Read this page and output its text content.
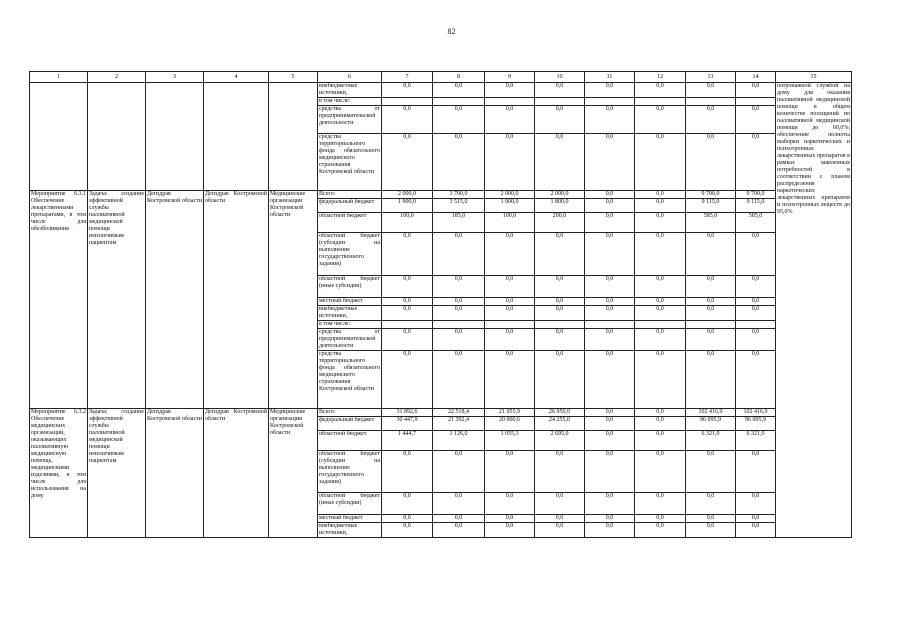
82
1	2	3	4	5	6	7	8	9	10	11	12	13	14	15
					внебюджетные источники,	0,0	0,0	0,0	0,0	0,0	0,0	0,0	0,0	патронажной службой на дому для оказания паллиативной медицинской помощи в общем количестве посещений по паллиативной медицинской помощи до 60,0%; обеспечение полноты выборки наркотических и психотропных лекарственных препаратов в рамках заявленных потребностей в соответствии с планом распределения наркотических лекарственных препаратов и психотропных веществ до 95,0%
					в том числе:									
					средства от предпринимательской деятельности	0,0	0,0	0,0	0,0	0,0	0,0	0,0	0,0	
					средства территориального фонда обязательного медицинского страхования Костромской области	0,0	0,0	0,0	0,0	0,0	0,0	0,0	0,0	
Мероприятие 6.3.1 Обеспечение лекарственными препаратами, в том числе для обезболивания	Задача: создание эффективной службы паллиативной медицинской помощи неизлечимым пациентам	Депздрав Костромской области	Депздрав Костромской области	Медицинские организации Костромской области	Всего:	2 000,0	3 700,0	2 000,0	2 000,0	0,0	0,0	9 700,0	9 700,0	
					федеральный бюджет	1 900,0	3 515,0	1 900,0	1 800,0	0,0	0,0	9 115,0	9 115,0	
					областной бюджет	100,0	185,0	100,0	200,0	0,0	0,0	585,0	585,0	
					областной бюджет (субсидии на выполнение государственного задания)	0,0	0,0	0,0	0,0	0,0	0,0	0,0	0,0	
					областной бюджет (иные субсидии)	0,0	0,0	0,0	0,0	0,0	0,0	0,0	0,0	
					местный бюджет	0,0	0,0	0,0	0,0	0,0	0,0	0,0	0,0	
					внебюджетные источники,	0,0	0,0	0,0	0,0	0,0	0,0	0,0	0,0	
					в том числе:									
					средства от предпринимательской деятельности	0,0	0,0	0,0	0,0	0,0	0,0	0,0	0,0	
					средства территориального фонда обязательного медицинского страхования Костромской области	0,0	0,0	0,0	0,0	0,0	0,0	0,0	0,0	
Мероприятие 6.3.2 Обеспечение медицинских организаций, оказывающих паллиативную медицинскую помощь, медицинскими изделиями, в том числе для использования на дому	Задача: создание эффективной службы паллиативной медицинской помощи неизлечимым пациентам	Депздрав Костромской области	Депздрав Костромской области	Медицинские организации Костромской области	Всего:	31 892,6	22 518,4	21 055,9	26 950,0	0,0	0,0	102 416,9	102 416,9	
					федеральный бюджет	30 447,9	21 392,4	20 000,6	24 255,0	0,0	0,0	96 095,9	96 095,9	
					областной бюджет	1 444,7	1 126,0	1 055,3	2 695,0	0,0	0,0	6 321,0	6 321,0	
					областной бюджет (субсидии на выполнение государственного задания)	0,0	0,0	0,0	0,0	0,0	0,0	0,0	0,0	
					областной бюджет (иные субсидии)	0,0	0,0	0,0	0,0	0,0	0,0	0,0	0,0	
					местный бюджет	0,0	0,0	0,0	0,0	0,0	0,0	0,0	0,0	
					внебюджетные источники,	0,0	0,0	0,0	0,0	0,0	0,0	0,0	0,0	
